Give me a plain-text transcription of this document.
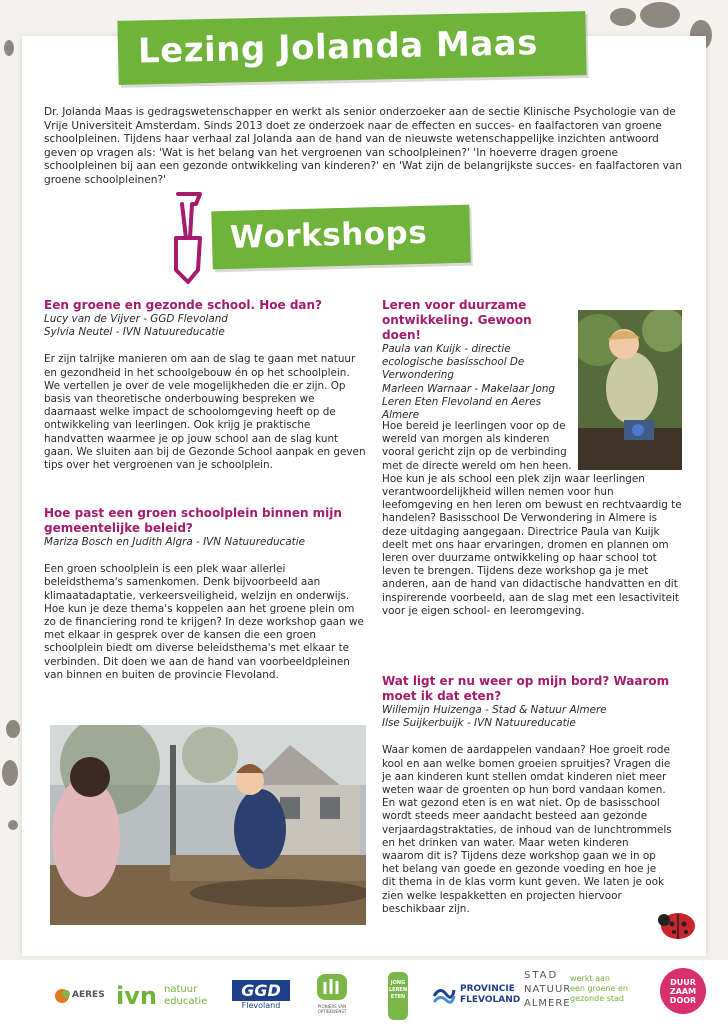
Lezing Jolanda Maas

Dr. Jolanda Maas is gedragswetenschapper en werkt als senior onderzoeker aan de sectie Klinische Psychologie van de Vrije Universiteit Amsterdam. Sinds 2013 doet ze onderzoek naar de effecten en succes- en faalfactoren van groene schoolpleinen. Tijdens haar verhaal zal Jolanda aan de hand van de nieuwste wetenschappelijke inzichten antwoord geven op vragen als: 'Wat is het belang van het vergroenen van schoolpleinen?' 'In hoeverre dragen groene schoolpleinen bij aan een gezonde ontwikkeling van kinderen?' en 'Wat zijn de belangrijkste succes- en faalfactoren van groene schoolpleinen?'

Workshops

Een groene en gezonde school. Hoe dan?

Lucy van de Vijver - GGD Flevoland

Sylvia Neutel - IVN Natuureducatie

Er zijn talrijke manieren om aan de slag te gaan met natuur en gezondheid in het schoolgebouw én op het schoolplein. We vertellen je over de vele mogelijkheden die er zijn. Op basis van theoretische onderbouwing bespreken we daarnaast welke impact de schoolomgeving heeft op de ontwikkeling van leerlingen. Ook krijg je praktische handvatten waarmee je op jouw school aan de slag kunt gaan. We sluiten aan bij de Gezonde School aanpak en geven tips over het vergroenen van je schoolplein.

Hoe past een groen schoolplein binnen mijn gemeentelijke beleid?

Mariza Bosch en Judith Algra - IVN Natuureducatie

Een groen schoolplein is een plek waar allerlei beleidsthema's samenkomen. Denk bijvoorbeeld aan klimaatadaptatie, verkeersveiligheid, welzijn en onderwijs. Hoe kun je deze thema's koppelen aan het groene plein om zo de financiering rond te krijgen? In deze workshop gaan we met elkaar in gesprek over de kansen die een groen schoolplein biedt om diverse beleidsthema's met elkaar te verbinden. Dit doen we aan de hand van voorbeeldpleinen van binnen en buiten de provincie Flevoland.

Leren voor duurzame ontwikkeling. Gewoon doen!

Paula van Kuijk - directie ecologische basisschool De Verwondering

Marleen Warnaar - Makelaar Jong Leren Eten Flevoland en Aeres Almere

Hoe bereid je leerlingen voor op de wereld van morgen als kinderen vooral gericht zijn op de verbinding met de directe wereld om hen heen. Hoe kun je als school een plek zijn waar leerlingen verantwoordelijkheid willen nemen voor hun leefomgeving en hen leren om bewust en rechtvaardig te handelen? Basisschool De Verwondering in Almere is deze uitdaging aangegaan. Directrice Paula van Kuijk deelt met ons haar ervaringen, dromen en plannen om leren over duurzame ontwikkeling op haar school tot leven te brengen. Tijdens deze workshop ga je met anderen, aan de hand van didactische handvatten en dit inspirerende voorbeeld, aan de slag met een lesactiviteit voor je eigen school- en leeromgeving.

Wat ligt er nu weer op mijn bord? Waarom moet ik dat eten?

Willemijn Huizenga - Stad & Natuur Almere

Ilse Suijkerbuijk - IVN Natuureducatie

Waar komen de aardappelen vandaan? Hoe groeit rode kool en aan welke bomen groeien spruitjes? Vragen die je aan kinderen kunt stellen omdat kinderen niet meer weten waar de groenten op hun bord vandaan komen. En wat gezond eten is en wat niet. Op de basisschool wordt steeds meer aandacht besteed aan gezonde verjaardagstraktaties, de inhoud van de lunchtrommels en het drinken van water. Maar weten kinderen waarom dit is? Tijdens deze workshop gaan we in op het belang van goede en gezonde voeding en hoe je dit thema in de klas vorm kunt geven. We laten je ook zien welke lespakketten en projecten hiervoor beschikbaar zijn.

AERES ivn natuur
educatie
GGD
Flevoland	PIONIERS VAN OPTIEKWENST
JONG
LEREN
ETEN
PROVINCIE
FLEVOLAND
STAD
NATUUR
ALMERE
werkt aan
een groene en
gezonde stad
DUUR
ZAAM
DOOR
